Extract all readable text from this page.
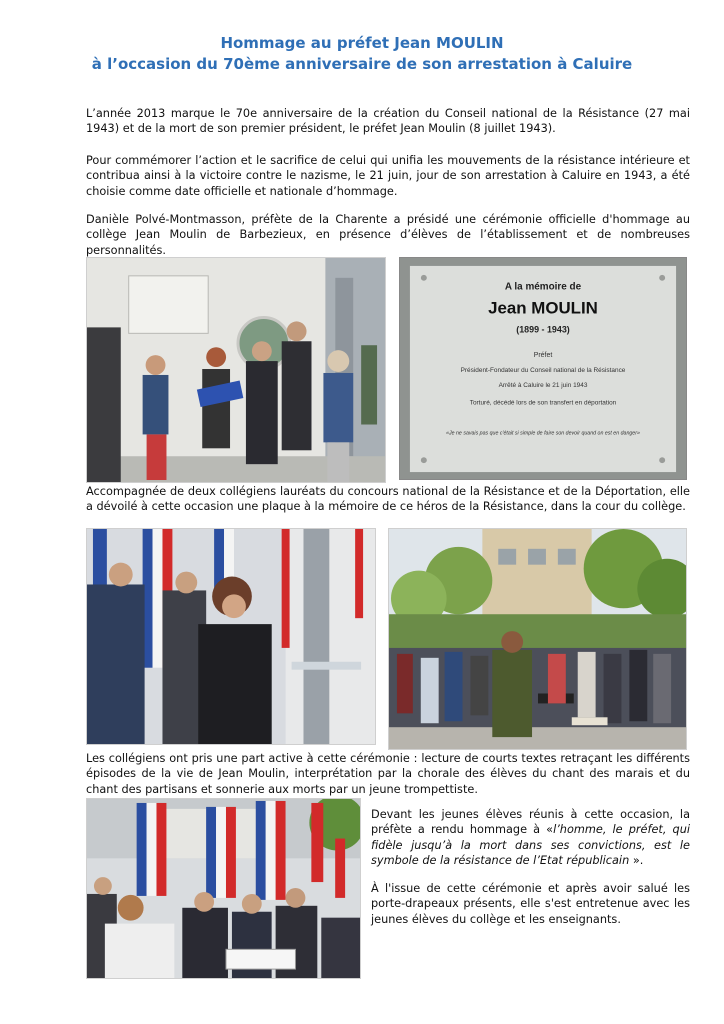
Hommage au préfet Jean MOULIN
à l’occasion du 70ème anniversaire de son arrestation à Caluire

L’année 2013 marque le 70e anniversaire de la création du Conseil national de la Résistance (27 mai 1943) et de la mort de son premier président, le préfet Jean Moulin (8 juillet 1943).

Pour commémorer l’action et le sacrifice de celui qui unifia les mouvements de la résistance intérieure et contribua ainsi à la victoire contre le nazisme, le 21 juin, jour de son arrestation à Caluire en 1943, a été choisie comme date officielle et nationale d’hommage.

Danièle Polvé-Montmasson, préfète de la Charente a présidé une cérémonie officielle d'hommage au collège Jean Moulin de Barbezieux, en présence d’élèves de l’établissement et de nombreuses personnalités.

A la mémoire de
Jean MOULIN
(1899 - 1943)
Préfet
Président-Fondateur du Conseil national de la Résistance
Arrêté à Caluire le 21 juin 1943
Torturé, décédé lors de son transfert en déportation
«Je ne savais pas que c'était si simple de faire son devoir quand on est en danger»

Accompagnée de deux collégiens lauréats du concours national de la Résistance et de la Déportation, elle a dévoilé à cette occasion une plaque à la mémoire de ce héros de la Résistance, dans la cour du collège.

Les collégiens ont pris une part active à cette cérémonie : lecture de courts textes retraçant les différents épisodes de la vie de Jean Moulin, interprétation par la chorale des élèves du chant des marais et du chant des partisans et sonnerie aux morts par un jeune trompettiste.

Devant les jeunes élèves réunis à cette occasion, la préfète a rendu hommage à «l’homme, le préfet, qui fidèle jusqu’à la mort dans ses convictions, est le symbole de la résistance de l’Etat républicain ».

À l'issue de cette cérémonie et après avoir salué les porte-drapeaux présents, elle s'est entretenue avec les jeunes élèves du collège et les enseignants.
